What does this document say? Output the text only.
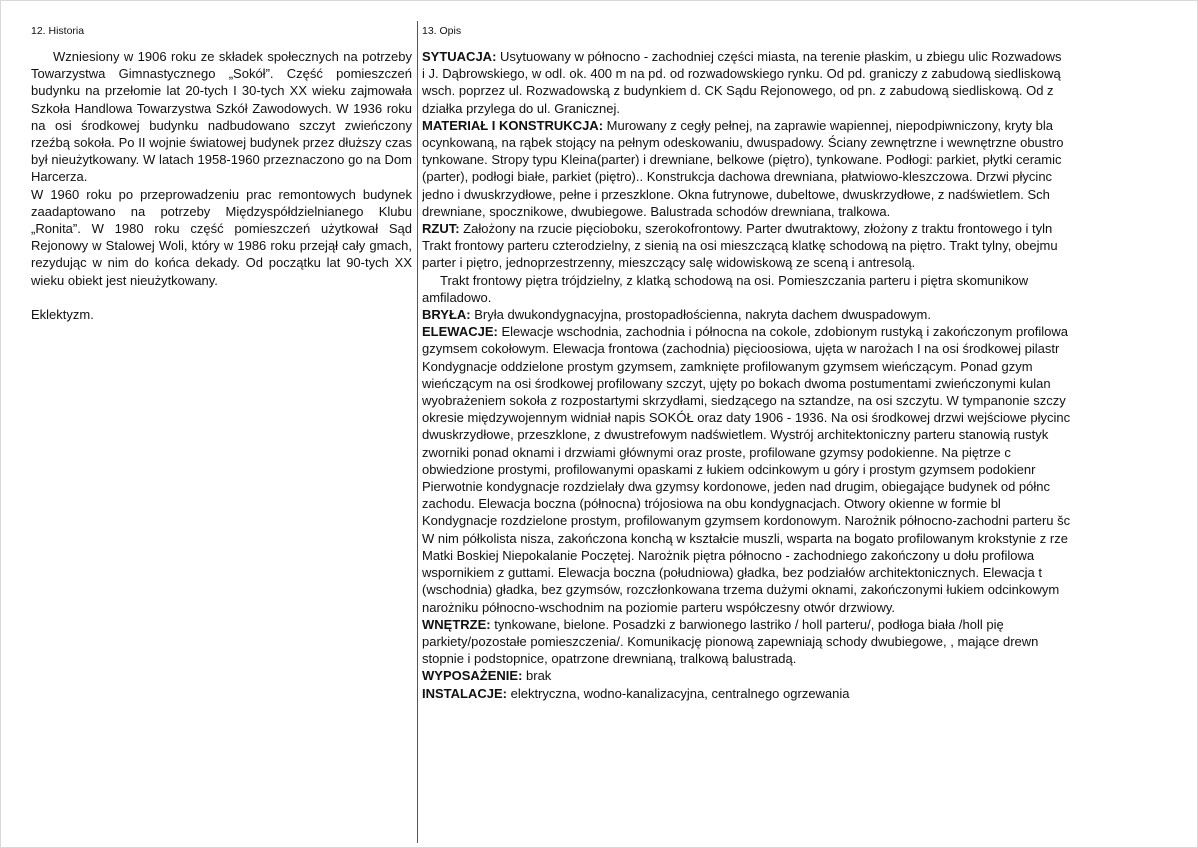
12. Historia

Wzniesiony w 1906 roku ze składek społecznych na potrzeby Towarzystwa Gimnastycznego „Sokół”. Część pomieszczeń budynku na przełomie lat 20-tych I 30-tych XX wieku zajmowała Szkoła Handlowa Towarzystwa Szkół Zawodowych. W 1936 roku na osi środkowej budynku nadbudowano szczyt zwieńczony rzeźbą sokoła. Po II wojnie światowej budynek przez dłuższy czas był nieużytkowany. W latach 1958-1960 przeznaczono go na Dom Harcerza.

W 1960 roku po przeprowadzeniu prac remontowych budynek zaadaptowano na potrzeby Międzyspółdzielnianego Klubu „Ronita”. W 1980 roku część pomieszczeń użytkował Sąd Rejonowy w Stalowej Woli, który w 1986 roku przejął cały gmach, rezydując w nim do końca dekady. Od początku lat 90-tych XX wieku obiekt jest nieużytkowany.

Eklektyzm.

13. Opis

SYTUACJA: Usytuowany w północno - zachodniej części miasta, na terenie płaskim, u zbiegu ulic Rozwadows

i J. Dąbrowskiego, w odl. ok. 400 m na pd. od rozwadowskiego rynku. Od pd. graniczy z zabudową siedliskową

wsch. poprzez ul. Rozwadowską z budynkiem d. CK Sądu Rejonowego, od pn. z zabudową siedliskową. Od z

działka przylega do ul. Granicznej.

MATERIAŁ I KONSTRUKCJA: Murowany z cegły pełnej, na zaprawie wapiennej, niepodpiwniczony, kryty bla

ocynkowaną, na rąbek stojący na pełnym odeskowaniu, dwuspadowy. Ściany zewnętrzne i wewnętrzne obustro

tynkowane. Stropy typu Kleina(parter) i drewniane, belkowe (piętro), tynkowane. Podłogi: parkiet, płytki ceramic

(parter), podłogi białe, parkiet (piętro).. Konstrukcja dachowa drewniana, płatwiowo-kleszczowa. Drzwi płycinc

jedno i dwuskrzydłowe, pełne i przeszklone. Okna futrynowe, dubeltowe, dwuskrzydłowe, z nadświetlem. Sch

drewniane, spocznikowe, dwubiegowe. Balustrada schodów drewniana, tralkowa.

RZUT: Założony na rzucie pięcioboku, szerokofrontowy. Parter dwutraktowy, złożony z traktu frontowego i tyln

Trakt frontowy parteru czterodzielny, z sienią na osi mieszczącą klatkę schodową na piętro. Trakt tylny, obejmu

parter i piętro, jednoprzestrzenny, mieszczący salę widowiskową ze sceną i antresolą.

Trakt frontowy piętra trójdzielny, z klatką schodową na osi. Pomieszczania parteru i piętra skomunikow

amfiladowo.

BRYŁA: Bryła dwukondygnacyjna, prostopadłościenna, nakryta dachem dwuspadowym.

ELEWACJE: Elewacje wschodnia, zachodnia i północna na cokole, zdobionym rustyką i zakończonym profilowa

gzymsem cokołowym. Elewacja frontowa (zachodnia) pięcioosiowa, ujęta w narożach I na osi środkowej pilastr

Kondygnacje oddzielone prostym gzymsem, zamknięte profilowanym gzymsem wieńczącym. Ponad gzym

wieńczącym na osi środkowej profilowany szczyt, ujęty po bokach dwoma postumentami zwieńczonymi kulan

wyobrażeniem sokoła z rozpostartymi skrzydłami, siedzącego na sztandze, na osi szczytu. W tympanonie szczy

okresie międzywojennym widniał napis SOKÓŁ oraz daty 1906 - 1936. Na osi środkowej drzwi wejściowe płycinc

dwuskrzydłowe, przeszklone, z dwustrefowym nadświetlem. Wystrój architektoniczny parteru stanowią rustyk

zworniki ponad oknami i drzwiami głównymi oraz proste, profilowane gzymsy podokienne. Na piętrze c

obwiedzione prostymi, profilowanymi opaskami z łukiem odcinkowym u góry i prostym gzymsem podokienr

Pierwotnie kondygnacje rozdzielały dwa gzymsy kordonowe, jeden nad drugim, obiegające budynek od półnc

zachodu. Elewacja boczna (północna) trójosiowa na obu kondygnacjach. Otwory okienne w formie bl

Kondygnacje rozdzielone prostym, profilowanym gzymsem kordonowym. Narożnik północno-zachodni parteru šc

W nim półkolista nisza, zakończona konchą w kształcie muszli, wsparta na bogato profilowanym krokstynie z rze

Matki Boskiej Niepokalanie Poczętej. Narożnik piętra północno - zachodniego zakończony u dołu profilowa

wspornikiem z guttami. Elewacja boczna (południowa) gładka, bez podziałów architektonicznych. Elewacja t

(wschodnia) gładka, bez gzymsów, rozczłonkowana trzema dużymi oknami, zakończonymi łukiem odcinkowym

narożniku północno-wschodnim na poziomie parteru współczesny otwór drzwiowy.

WNĘTRZE: tynkowane, bielone. Posadzki z barwionego lastriko / holl parteru/, podłoga biała /holl pię

parkiety/pozostałe pomieszczenia/. Komunikację pionową zapewniają schody dwubiegowe, , mające drewn

stopnie i podstopnice, opatrzone drewnianą, tralkową balustradą.

WYPOSAŻENIE: brak

INSTALACJE: elektryczna, wodno-kanalizacyjna, centralnego ogrzewania
